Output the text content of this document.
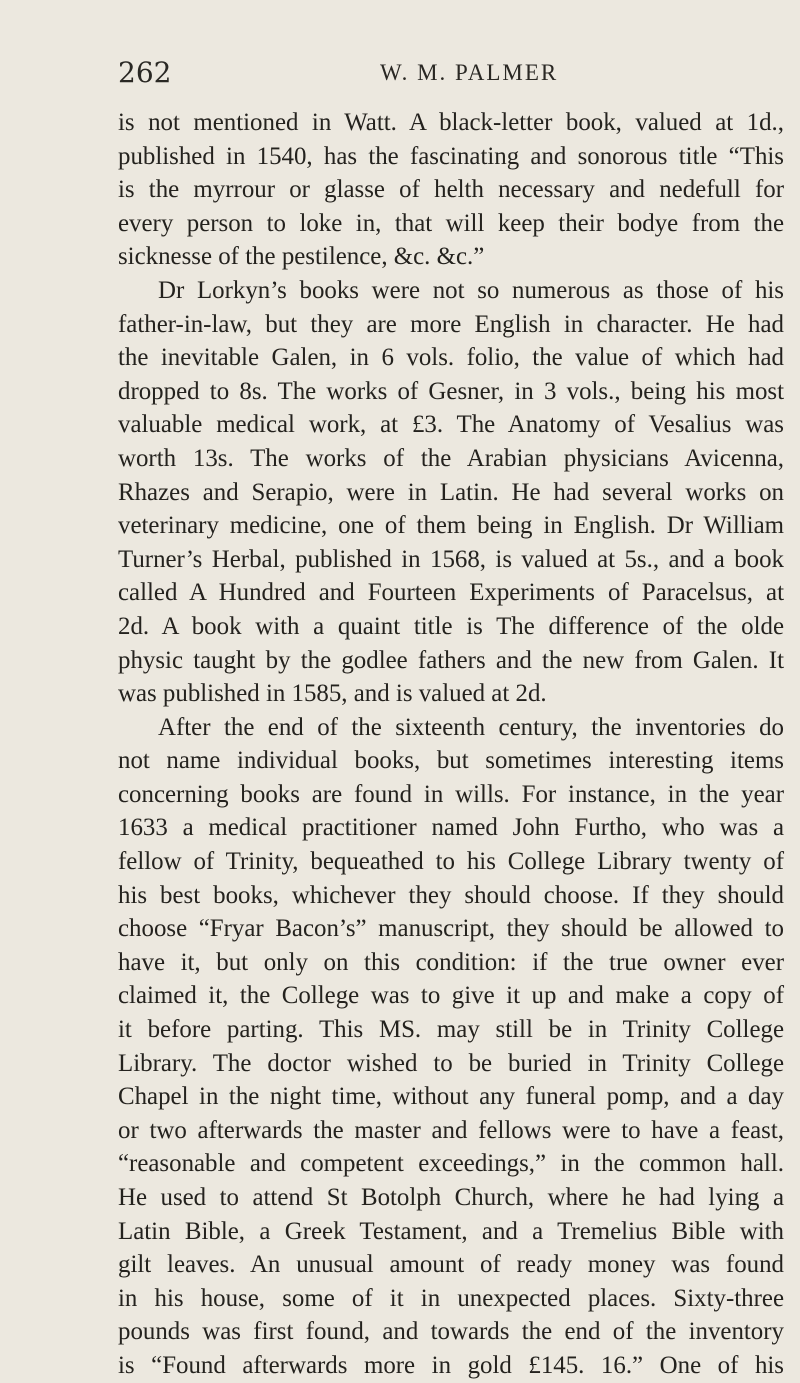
262	W. M. PALMER
is not mentioned in Watt. A black-letter book, valued at 1d.,
published in 1540, has the fascinating and sonorous title “This
is the myrrour or glasse of helth necessary and nedefull for
every person to loke in, that will keep their bodye from the
sicknesse of the pestilence, &c. &c.”
Dr Lorkyn’s books were not so numerous as those of his
father-in-law, but they are more English in character. He had
the inevitable Galen, in 6 vols. folio, the value of which had
dropped to 8s. The works of Gesner, in 3 vols., being his most
valuable medical work, at £3. The Anatomy of Vesalius was
worth 13s. The works of the Arabian physicians Avicenna,
Rhazes and Serapio, were in Latin. He had several works on
veterinary medicine, one of them being in English. Dr William
Turner’s Herbal, published in 1568, is valued at 5s., and a book
called A Hundred and Fourteen Experiments of Paracelsus, at
2d. A book with a quaint title is The difference of the olde
physic taught by the godlee fathers and the new from Galen. It
was published in 1585, and is valued at 2d.
After the end of the sixteenth century, the inventories do
not name individual books, but sometimes interesting items
concerning books are found in wills. For instance, in the year
1633 a medical practitioner named John Furtho, who was a
fellow of Trinity, bequeathed to his College Library twenty of
his best books, whichever they should choose. If they should
choose “Fryar Bacon’s” manuscript, they should be allowed to
have it, but only on this condition: if the true owner ever
claimed it, the College was to give it up and make a copy of
it before parting. This MS. may still be in Trinity College
Library. The doctor wished to be buried in Trinity College
Chapel in the night time, without any funeral pomp, and a day
or two afterwards the master and fellows were to have a feast,
“reasonable and competent exceedings,” in the common hall.
He used to attend St Botolph Church, where he had lying a
Latin Bible, a Greek Testament, and a Tremelius Bible with
gilt leaves. An unusual amount of ready money was found
in his house, some of it in unexpected places. Sixty-three
pounds was first found, and towards the end of the inventory
is “Found afterwards more in gold £145. 16.” One of his
